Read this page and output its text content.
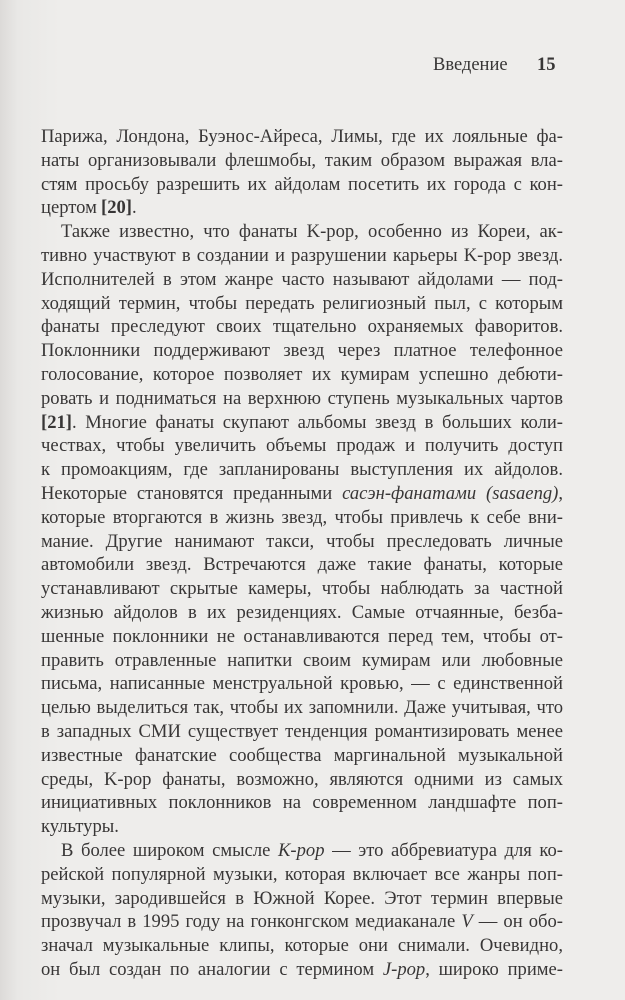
Введение 15
Парижа, Лондона, Буэнос-Айреса, Лимы, где их лояльные фа-
наты организовывали флешмобы, таким образом выражая вла-
стям просьбу разрешить их айдолам посетить их города с кон-
цертом [20].
Также известно, что фанаты K-pop, особенно из Кореи, ак-
тивно участвуют в создании и разрушении карьеры K-pop звезд.
Исполнителей в этом жанре часто называют айдолами — под-
ходящий термин, чтобы передать религиозный пыл, с которым
фанаты преследуют своих тщательно охраняемых фаворитов.
Поклонники поддерживают звезд через платное телефонное
голосование, которое позволяет их кумирам успешно дебюти-
ровать и подниматься на верхнюю ступень музыкальных чартов
[21]. Многие фанаты скупают альбомы звезд в больших коли-
чествах, чтобы увеличить объемы продаж и получить доступ
к промоакциям, где запланированы выступления их айдолов.
Некоторые становятся преданными сасэн-фанатами (sasaeng),
которые вторгаются в жизнь звезд, чтобы привлечь к себе вни-
мание. Другие нанимают такси, чтобы преследовать личные
автомобили звезд. Встречаются даже такие фанаты, которые
устанавливают скрытые камеры, чтобы наблюдать за частной
жизнью айдолов в их резиденциях. Самые отчаянные, безба-
шенные поклонники не останавливаются перед тем, чтобы от-
править отравленные напитки своим кумирам или любовные
письма, написанные менструальной кровью, — с единственной
целью выделиться так, чтобы их запомнили. Даже учитывая, что
в западных СМИ существует тенденция романтизировать менее
известные фанатские сообщества маргинальной музыкальной
среды, K-pop фанаты, возможно, являются одними из самых
инициативных поклонников на современном ландшафте поп-
культуры.
В более широком смысле K-pop — это аббревиатура для ко-
рейской популярной музыки, которая включает все жанры поп-
музыки, зародившейся в Южной Корее. Этот термин впервые
прозвучал в 1995 году на гонконгском медиаканале V — он обо-
значал музыкальные клипы, которые они снимали. Очевидно,
он был создан по аналогии с термином J-pop, широко приме-
